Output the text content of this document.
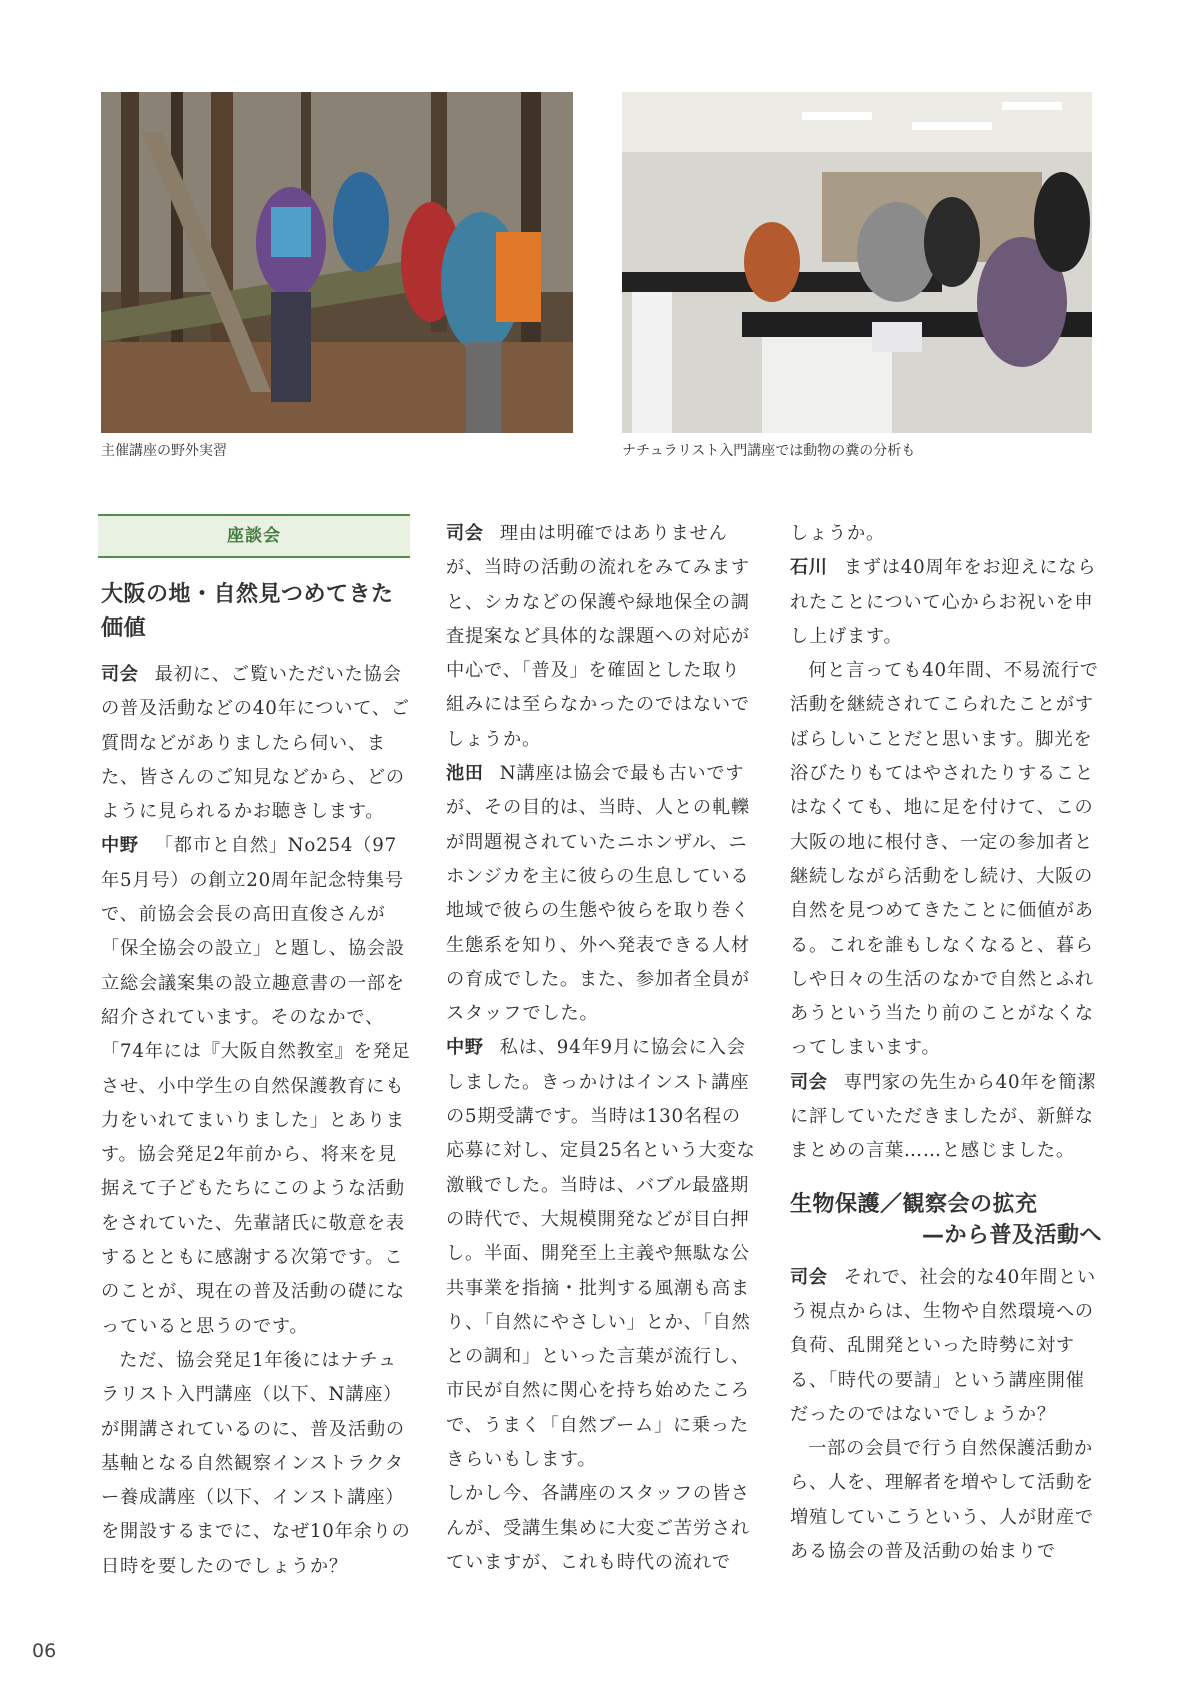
主催講座の野外実習	ナチュラリスト入門講座では動物の糞の分析も
座談会
大阪の地・自然見つめてきた価値

司会 最初に、ご覧いただいた協会の普及活動などの40年について、ご質問などがありましたら伺い、また、皆さんのご知見などから、どのように見られるかお聴きします。

中野 「都市と自然」No254（97年5月号）の創立20周年記念特集号で、前協会会長の高田直俊さんが「保全協会の設立」と題し、協会設立総会議案集の設立趣意書の一部を紹介されています。そのなかで、「74年には『大阪自然教室』を発足させ、小中学生の自然保護教育にも力をいれてまいりました」とあります。協会発足2年前から、将来を見据えて子どもたちにこのような活動をされていた、先輩諸氏に敬意を表するとともに感謝する次第です。このことが、現在の普及活動の礎になっていると思うのです。

ただ、協会発足1年後にはナチュラリスト入門講座（以下、N講座）が開講されているのに、普及活動の基軸となる自然観察インストラクター養成講座（以下、インスト講座）を開設するまでに、なぜ10年余りの日時を要したのでしょうか？

司会 理由は明確ではありませんが、当時の活動の流れをみてみますと、シカなどの保護や緑地保全の調査提案など具体的な課題への対応が中心で、「普及」を確固とした取り組みには至らなかったのではないでしょうか。

池田 N講座は協会で最も古いですが、その目的は、当時、人との軋轢が問題視されていたニホンザル、ニホンジカを主に彼らの生息している地域で彼らの生態や彼らを取り巻く生態系を知り、外へ発表できる人材の育成でした。また、参加者全員がスタッフでした。

中野 私は、94年9月に協会に入会しました。きっかけはインスト講座の5期受講です。当時は130名程の応募に対し、定員25名という大変な激戦でした。当時は、バブル最盛期の時代で、大規模開発などが目白押し。半面、開発至上主義や無駄な公共事業を指摘・批判する風潮も高まり、「自然にやさしい」とか、「自然との調和」といった言葉が流行し、市民が自然に関心を持ち始めたころで、うまく「自然ブーム」に乗ったきらいもします。

しかし今、各講座のスタッフの皆さんが、受講生集めに大変ご苦労されていますが、これも時代の流れで

しょうか。

石川 まずは40周年をお迎えになられたことについて心からお祝いを申し上げます。

何と言っても40年間、不易流行で活動を継続されてこられたことがすばらしいことだと思います。脚光を浴びたりもてはやされたりすることはなくても、地に足を付けて、この大阪の地に根付き、一定の参加者と継続しながら活動をし続け、大阪の自然を見つめてきたことに価値がある。これを誰もしなくなると、暮らしや日々の生活のなかで自然とふれあうという当たり前のことがなくなってしまいます。

司会 専門家の先生から40年を簡潔に評していただきましたが、新鮮なまとめの言葉……と感じました。

生物保護／観察会の拡充
—から普及活動へ

司会 それで、社会的な40年間という視点からは、生物や自然環境への負荷、乱開発といった時勢に対する、「時代の要請」という講座開催だったのではないでしょうか？

一部の会員で行う自然保護活動から、人を、理解者を増やして活動を増殖していこうという、人が財産である協会の普及活動の始まりで

06
